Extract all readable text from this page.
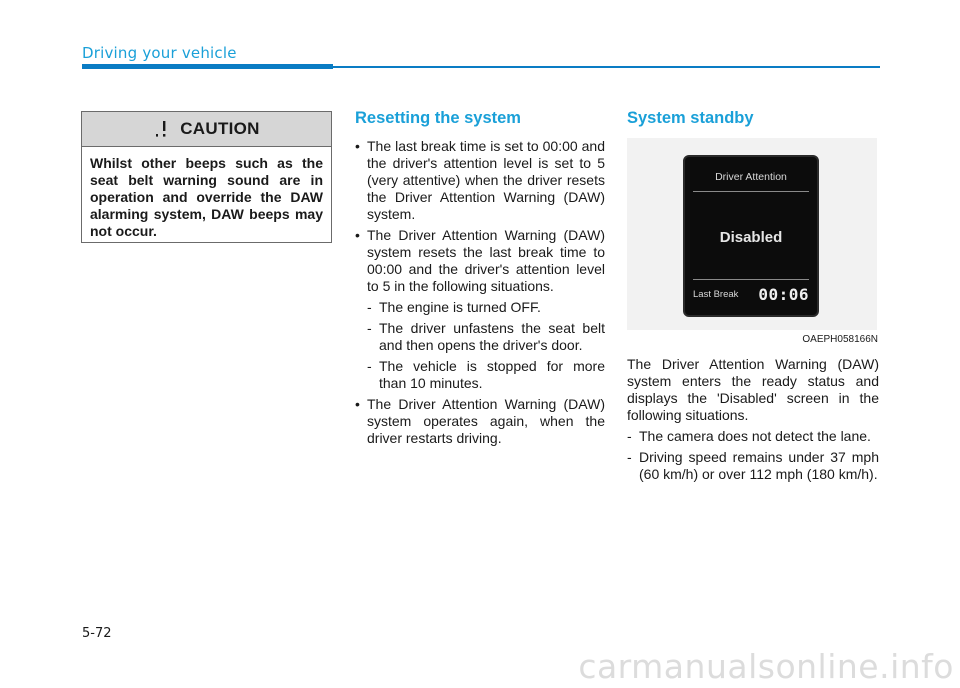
Driving your vehicle
CAUTION
Whilst other beeps such as the seat belt warning sound are in operation and override the DAW alarming system, DAW beeps may not occur.
Resetting the system
• The last break time is set to 00:00 and the driver's attention level is set to 5 (very attentive) when the driver resets the Driver Attention Warning (DAW) system.
• The Driver Attention Warning (DAW) system resets the last break time to 00:00 and the driver's attention level to 5 in the following situations.
- The engine is turned OFF.
- The driver unfastens the seat belt and then opens the driver's door.
- The vehicle is stopped for more than 10 minutes.
• The Driver Attention Warning (DAW) system operates again, when the driver restarts driving.
System standby
Driver Attention
Disabled
Last Break 00:06
OAEPH058166N

The Driver Attention Warning (DAW) system enters the ready status and displays the 'Disabled' screen in the following situations.

- The camera does not detect the lane.
- Driving speed remains under 37 mph (60 km/h) or over 112 mph (180 km/h).
5-72
carmanualsonline.info
